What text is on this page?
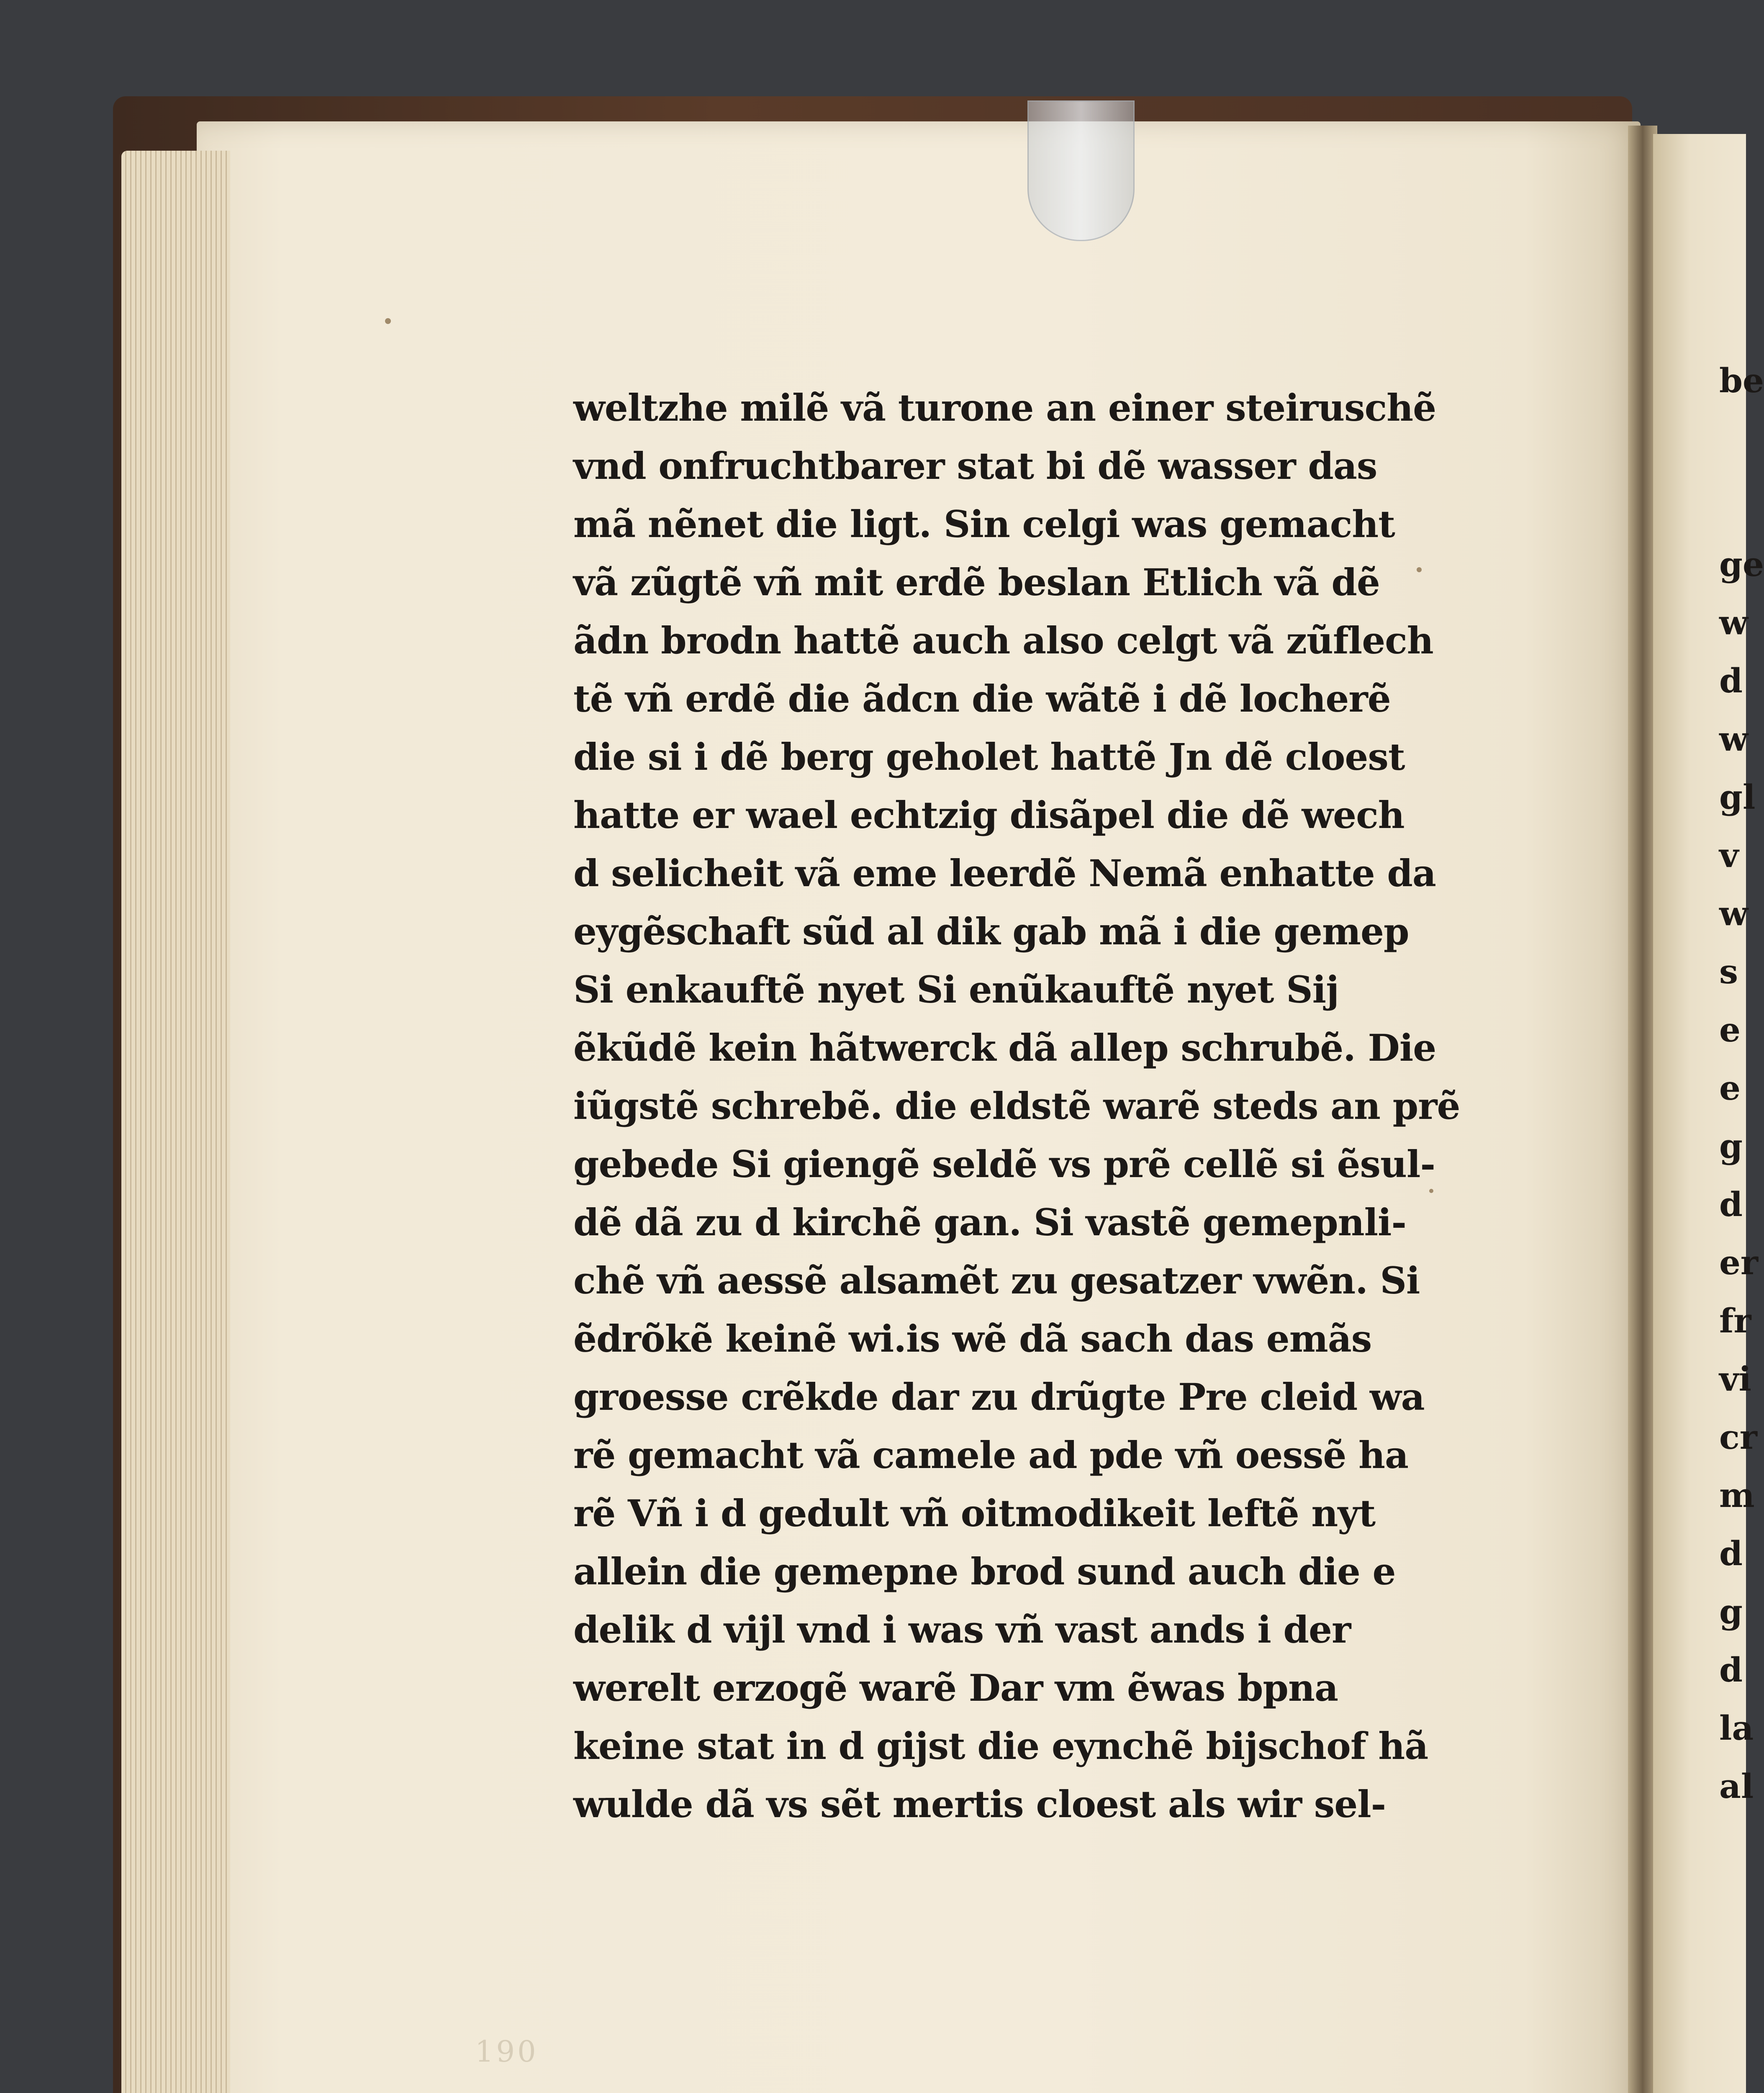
weltzhe milẽ vã turone an einer steiruschẽ
vnd onfruchtbarer stat bi dẽ wasser das
mã nẽnet die ligt. Sin celgi was gemacht
vã zũgtẽ vñ mit erdẽ beslan Etlich vã dẽ
ãdn brodn hattẽ auch also celgt vã zũflech
tẽ vñ erdẽ die ãdcn die wãtẽ i dẽ locherẽ
die si i dẽ berg geholet hattẽ Jn dẽ cloest
hatte er wael echtzig disãpel die dẽ wech
d selicheit vã eme leerdẽ Nemã enhatte da
eygẽschaft sũd al dik gab mã i die gemep
Si enkauftẽ nyet Si enũkauftẽ nyet Sij
ẽkũdẽ kein hãtwerck dã allep schrubẽ. Die
iũgstẽ schrebẽ. die eldstẽ warẽ steds an prẽ
gebede Si giengẽ seldẽ vs prẽ cellẽ si ẽsul-
dẽ dã zu d kirchẽ gan. Si vastẽ gemepnli-
chẽ vñ aessẽ alsamẽt zu gesatzer vwẽn. Si
ẽdrõkẽ keinẽ wi.is wẽ dã sach das emãs
groesse crẽkde dar zu drũgte Pre cleid wa
rẽ gemacht vã camele ad pde vñ oessẽ ha
rẽ Vñ i d gedult vñ oitmodikeit leftẽ nyt
allein die gemepne brod sund auch die e
delik d vijl vnd i was vñ vast ands i der
werelt erzogẽ warẽ Dar vm ẽwas bpna
keine stat in d gijst die eynchẽ bijschof hã
wulde dã vs sẽt mertis cloest als wir sel-
be
ge
w
d
w
gl
v
w
s
e
e
g
d
er
fr
vi
cr
m
d
g
d
la
al
190
